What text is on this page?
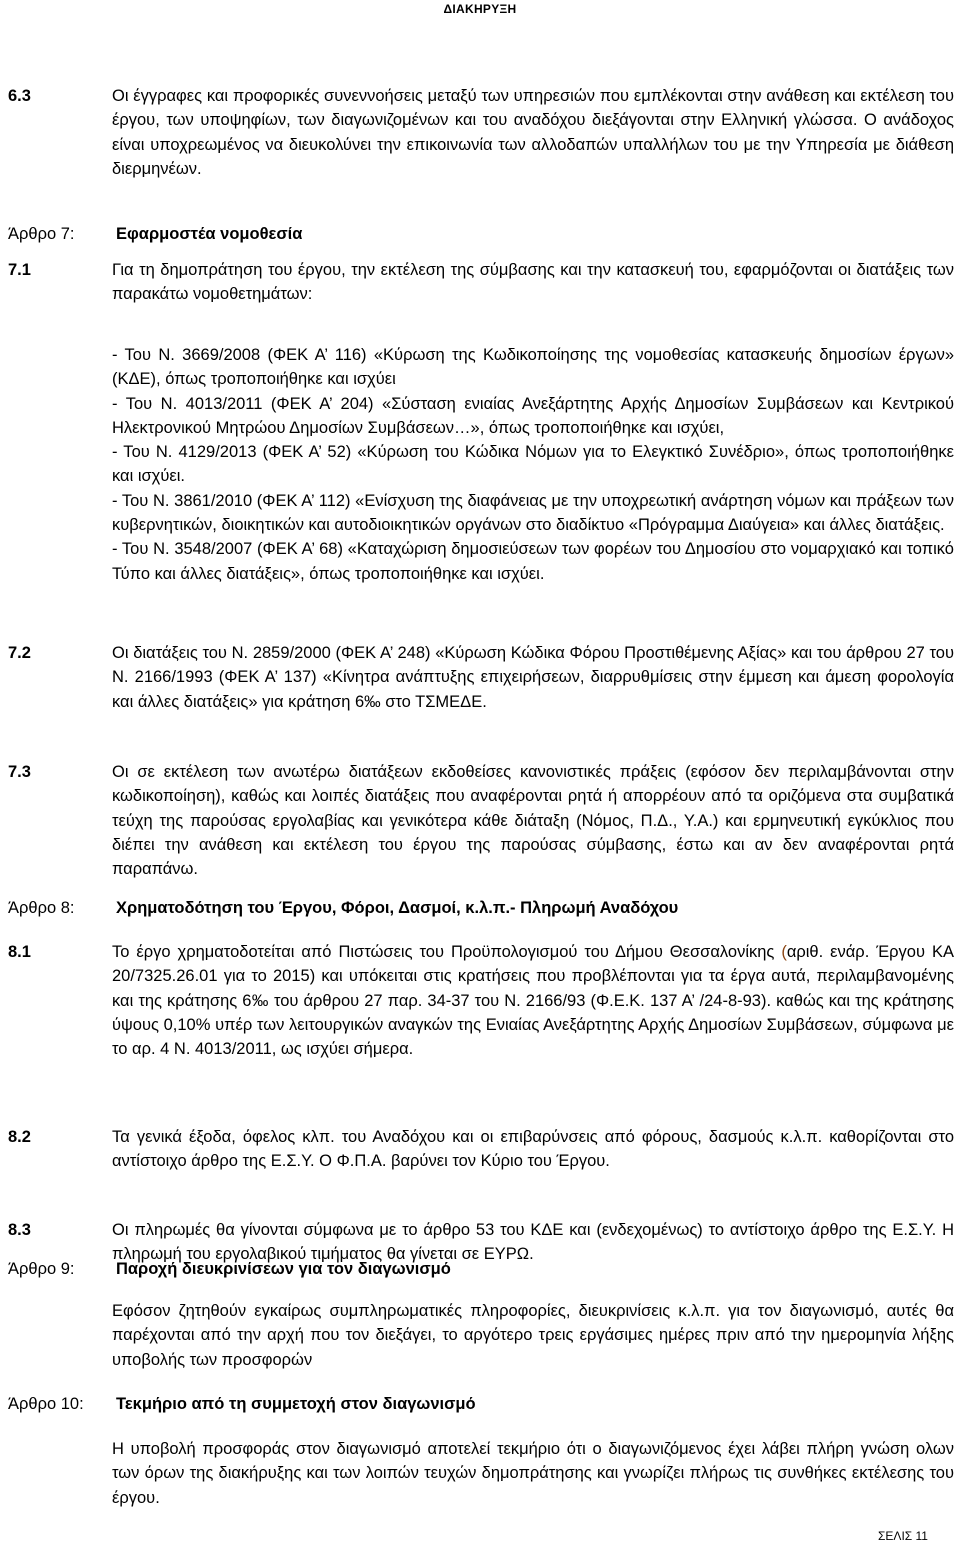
ΔΙΑΚΗΡΥΞΗ
6.3	Οι έγγραφες και προφορικές συνεννοήσεις μεταξύ των υπηρεσιών που εμπλέκονται στην ανάθεση και εκτέλεση του έργου, των υποψηφίων, των διαγωνιζομένων και του αναδόχου διεξάγονται στην Ελληνική γλώσσα. Ο ανάδοχος είναι υποχρεωμένος να διευκολύνει την επικοινωνία των αλλοδαπών υπαλλήλων του με την Υπηρεσία με διάθεση διερμηνέων.
Άρθρο 7:	Εφαρμοστέα νομοθεσία
7.1	Για τη δημοπράτηση του έργου, την εκτέλεση της σύμβασης και την κατασκευή του, εφαρμόζονται οι διατάξεις των παρακάτω νομοθετημάτων:

- Του Ν. 3669/2008 (ΦΕΚ Α’ 116) «Κύρωση της Κωδικοποίησης της νομοθεσίας κατασκευής δημοσίων έργων» (ΚΔΕ), όπως τροποποιήθηκε και ισχύει

- Του Ν. 4013/2011 (ΦΕΚ Α’ 204) «Σύσταση ενιαίας Ανεξάρτητης Αρχής Δημοσίων Συμβάσεων και Κεντρικού Ηλεκτρονικού Μητρώου Δημοσίων Συμβάσεων…», όπως τροποποιήθηκε και ισχύει,

- Του Ν. 4129/2013 (ΦΕΚ Α’ 52) «Κύρωση του Κώδικα Νόμων για το Ελεγκτικό Συνέδριο», όπως τροποποιήθηκε και ισχύει.

- Του Ν. 3861/2010 (ΦΕΚ Α’ 112) «Ενίσχυση της διαφάνειας με την υποχρεωτική ανάρτηση νόμων και πράξεων των κυβερνητικών, διοικητικών και αυτοδιοικητικών οργάνων στο διαδίκτυο «Πρόγραμμα Διαύγεια» και άλλες διατάξεις.

- Του Ν. 3548/2007 (ΦΕΚ Α’ 68) «Καταχώριση δημοσιεύσεων των φορέων του Δημοσίου στο νομαρχιακό και τοπικό Τύπο και άλλες διατάξεις», όπως τροποποιήθηκε και ισχύει.

7.2	Οι διατάξεις του Ν. 2859/2000 (ΦΕΚ Α’ 248) «Κύρωση Κώδικα Φόρου Προστιθέμενης Αξίας» και του άρθρου 27 του Ν. 2166/1993 (ΦΕΚ Α’ 137) «Κίνητρα ανάπτυξης επιχειρήσεων, διαρρυθμίσεις στην έμμεση και άμεση φορολογία και άλλες διατάξεις» για κράτηση 6‰ στο ΤΣΜΕΔΕ.
7.3	Οι σε εκτέλεση των ανωτέρω διατάξεων εκδοθείσες κανονιστικές πράξεις (εφόσον δεν περιλαμβάνονται στην κωδικοποίηση), καθώς και λοιπές διατάξεις που αναφέρονται ρητά ή απορρέουν από τα οριζόμενα στα συμβατικά τεύχη της παρούσας εργολαβίας και γενικότερα κάθε διάταξη (Νόμος, Π.Δ., Υ.Α.) και ερμηνευτική εγκύκλιος που διέπει την ανάθεση και εκτέλεση του έργου της παρούσας σύμβασης, έστω και αν δεν αναφέρονται ρητά παραπάνω.
Άρθρο 8:	Χρηματοδότηση του Έργου, Φόροι, Δασμοί, κ.λ.π.- Πληρωμή Αναδόχου
8.1	Το έργο χρηματοδοτείται από Πιστώσεις του Προϋπολογισμού του Δήμου Θεσσαλονίκης (αριθ. ενάρ. Έργου ΚΑ 20/7325.26.01 για το 2015) και υπόκειται στις κρατήσεις που προβλέπονται για τα έργα αυτά, περιλαμβανομένης και της κράτησης 6‰ του άρθρου 27 παρ. 34-37 του Ν. 2166/93 (Φ.Ε.Κ. 137 Α’ /24-8-93). καθώς και της κράτησης ύψους 0,10% υπέρ των λειτουργικών αναγκών της Ενιαίας Ανεξάρτητης Αρχής Δημοσίων Συμβάσεων, σύμφωνα με το αρ. 4 Ν. 4013/2011, ως ισχύει σήμερα.
8.2	Τα γενικά έξοδα, όφελος κλπ. του Αναδόχου και οι επιβαρύνσεις από φόρους, δασμούς κ.λ.π. καθορίζονται στο αντίστοιχο άρθρο της Ε.Σ.Υ. Ο Φ.Π.Α. βαρύνει τον Κύριο του Έργου.
8.3	Οι πληρωμές θα γίνονται σύμφωνα με το άρθρο 53 του ΚΔΕ και (ενδεχομένως) το αντίστοιχο άρθρο της Ε.Σ.Υ. Η πληρωμή του εργολαβικού τιμήματος θα γίνεται σε ΕΥΡΩ.
Άρθρο 9:	Παροχή διευκρινίσεων για τον διαγωνισμό
Εφόσον ζητηθούν εγκαίρως συμπληρωματικές πληροφορίες, διευκρινίσεις κ.λ.π. για τον διαγωνισμό, αυτές θα παρέχονται από την αρχή που τον διεξάγει, το αργότερο τρεις εργάσιμες ημέρες πριν από την ημερομηνία λήξης υποβολής των προσφορών
Άρθρο 10: Τεκμήριο από τη συμμετοχή στον διαγωνισμό
Η υποβολή προσφοράς στον διαγωνισμό αποτελεί τεκμήριο ότι ο διαγωνιζόμενος έχει λάβει πλήρη γνώση ολων των όρων της διακήρυξης και των λοιπών τευχών δημοπράτησης και γνωρίζει πλήρως τις συνθήκες εκτέλεσης του έργου.
ΣΕΛΙΣ 11
